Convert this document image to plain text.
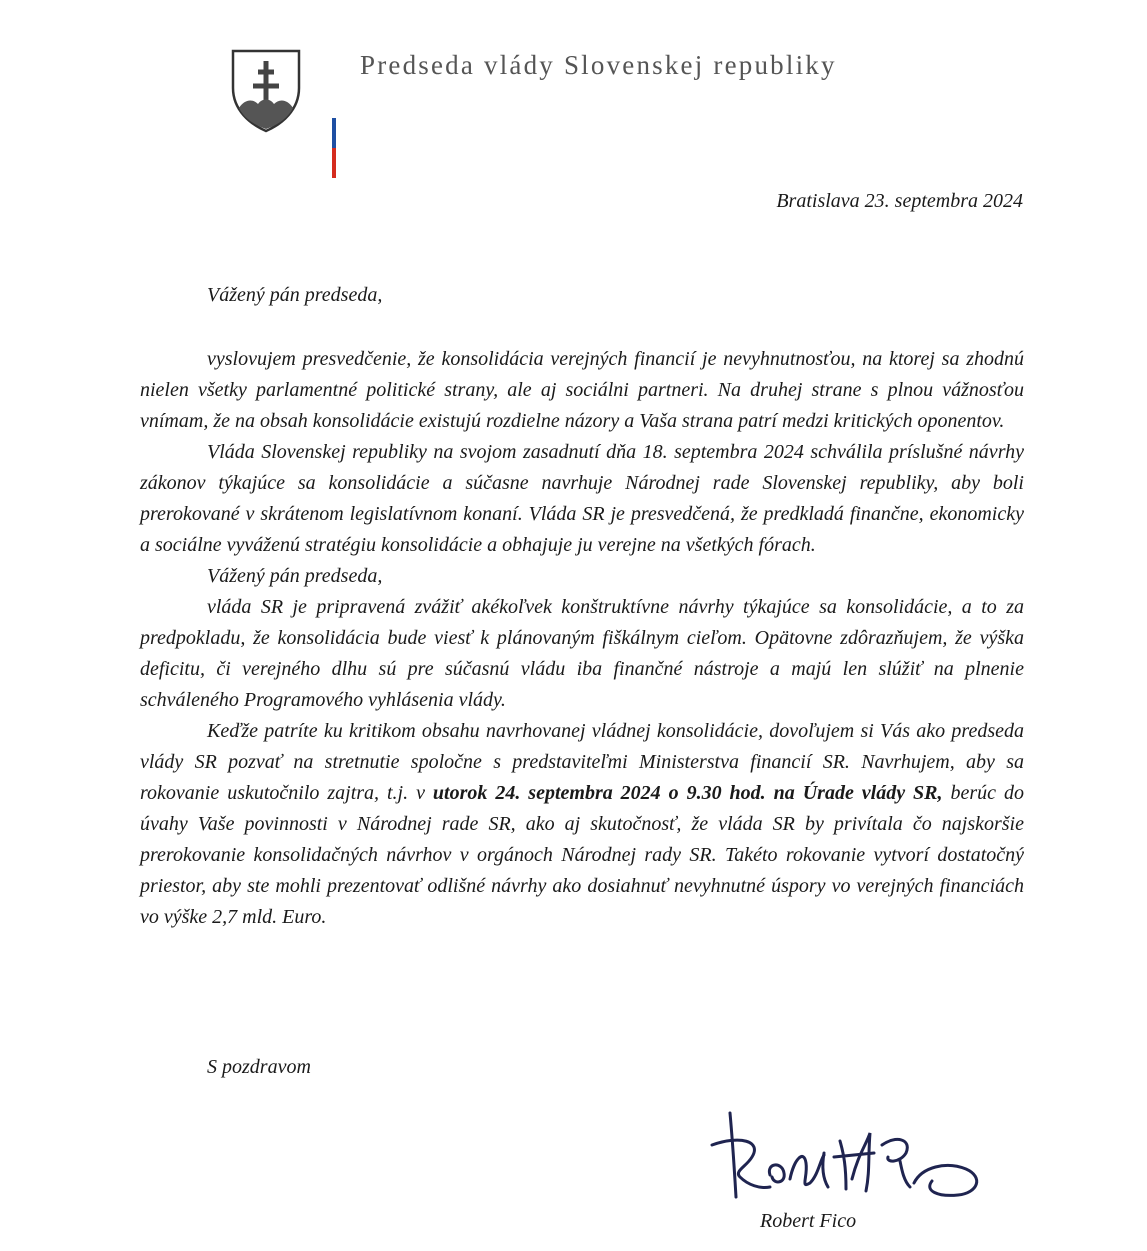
Predseda vlády Slovenskej republiky
Bratislava 23. septembra 2024
Vážený pán predseda,

vyslovujem presvedčenie, že konsolidácia verejných financií je nevyhnutnosťou, na ktorej sa zhodnú nielen všetky parlamentné politické strany, ale aj sociálni partneri. Na druhej strane s plnou vážnosťou vnímam, že na obsah konsolidácie existujú rozdielne názory a Vaša strana patrí medzi kritických oponentov.

Vláda Slovenskej republiky na svojom zasadnutí dňa 18. septembra 2024 schválila príslušné návrhy zákonov týkajúce sa konsolidácie a súčasne navrhuje Národnej rade Slovenskej republiky, aby boli prerokované v skrátenom legislatívnom konaní. Vláda SR je presvedčená, že predkladá finančne, ekonomicky a sociálne vyváženú stratégiu konsolidácie a obhajuje ju verejne na všetkých fórach.

Vážený pán predseda,

vláda SR je pripravená zvážiť akékoľvek konštruktívne návrhy týkajúce sa konsolidácie, a to za predpokladu, že konsolidácia bude viesť k plánovaným fiškálnym cieľom. Opätovne zdôrazňujem, že výška deficitu, či verejného dlhu sú pre súčasnú vládu iba finančné nástroje a majú len slúžiť na plnenie schváleného Programového vyhlásenia vlády.

Keďže patríte ku kritikom obsahu navrhovanej vládnej konsolidácie, dovoľujem si Vás ako predseda vlády SR pozvať na stretnutie spoločne s predstaviteľmi Ministerstva financií SR. Navrhujem, aby sa rokovanie uskutočnilo zajtra, t.j. v utorok 24. septembra 2024 o 9.30 hod. na Úrade vlády SR, berúc do úvahy Vaše povinnosti v Národnej rade SR, ako aj skutočnosť, že vláda SR by privítala čo najskoršie prerokovanie konsolidačných návrhov v orgánoch Národnej rady SR. Takéto rokovanie vytvorí dostatočný priestor, aby ste mohli prezentovať odlišné návrhy ako dosiahnuť nevyhnutné úspory vo verejných financiách vo výške 2,7 mld. Euro.

S pozdravom
Robert Fico
